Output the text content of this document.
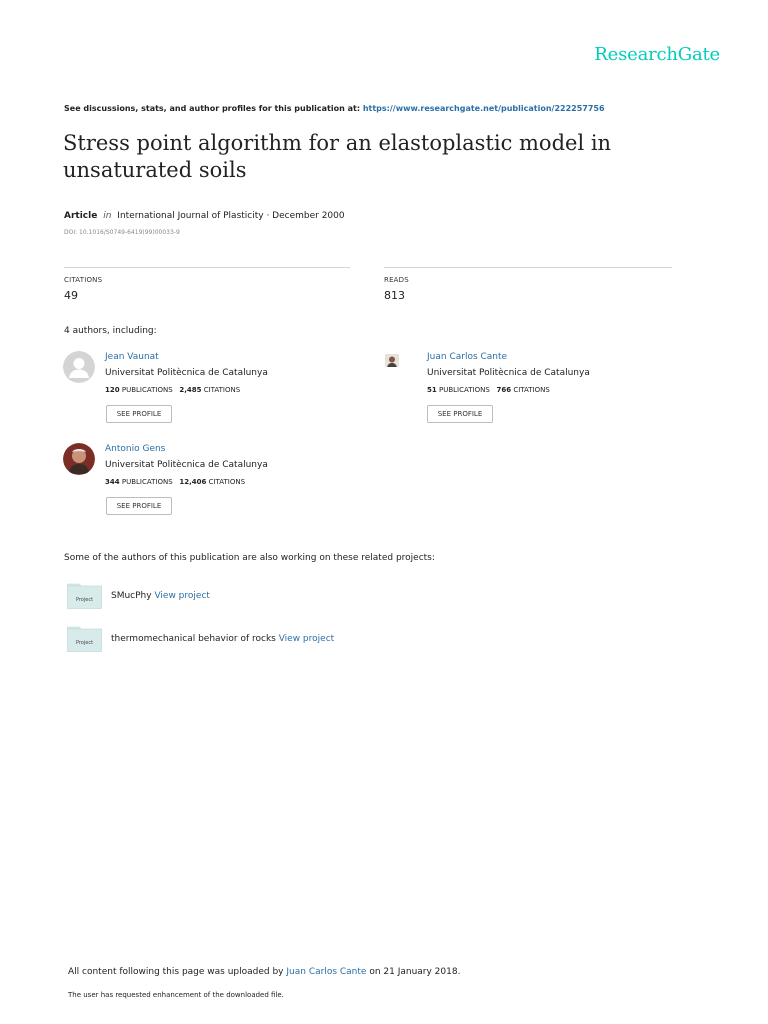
ResearchGate
See discussions, stats, and author profiles for this publication at: https://www.researchgate.net/publication/222257756
Stress point algorithm for an elastoplastic model in unsaturated soils
Article in International Journal of Plasticity · December 2000
DOI: 10.1016/S0749-6419(99)00033-9
CITATIONS
49
READS
813
4 authors, including:
Jean Vaunat
Universitat Politècnica de Catalunya
120 PUBLICATIONS 2,485 CITATIONS
SEE PROFILE
Juan Carlos Cante
Universitat Politècnica de Catalunya
51 PUBLICATIONS 766 CITATIONS
SEE PROFILE
Antonio Gens
Universitat Politècnica de Catalunya
344 PUBLICATIONS 12,406 CITATIONS
SEE PROFILE
Some of the authors of this publication are also working on these related projects:
Project SMucPhy View project
Project thermomechanical behavior of rocks View project
All content following this page was uploaded by Juan Carlos Cante on 21 January 2018.
The user has requested enhancement of the downloaded file.
